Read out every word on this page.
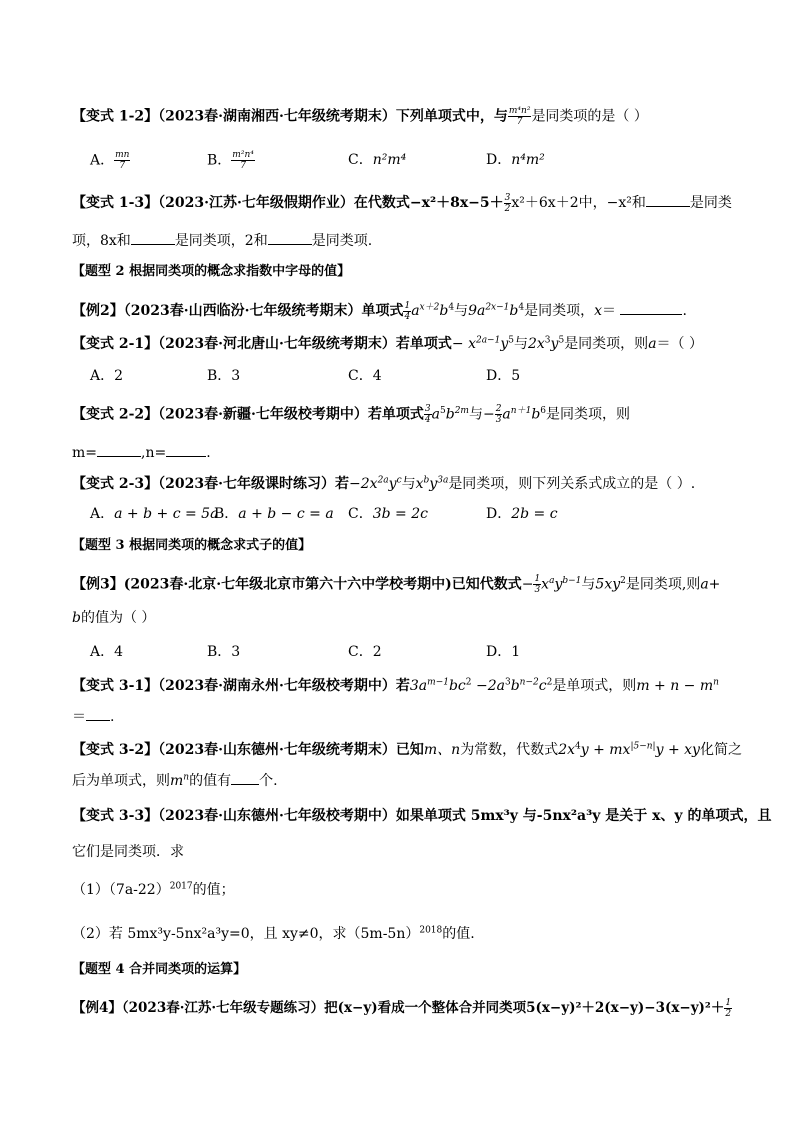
【变式 1-2】（2023春·湖南湘西·七年级统考期末）下列单项式中，与 $\frac{\text{m⁴n²}}{7}$ 是同类项的是（ ）
A． $\frac{mn}{7}$	B． $\frac{\text{m²n⁴}}{7}$	C．n²m⁴	D．n⁴m²
【变式 1-3】（2023·江苏·七年级假期作业）在代数式$-x^2+8x-5+ \frac{3}{2} x^2+6x+2$中，−x²和	是同类
项，8x和	是同类项，2和	是同类项.
【题型 2 根据同类项的概念求指数中字母的值】
【例2】（2023春·山西临汾·七年级统考期末）单项式 $\frac{1}{4} a^{x+2}b^4$与$9a^{2x-1}b^4$是同类项，x＝	.
【变式 2-1】（2023春·河北唐山·七年级统考期末）若单项式− $x^{2a-1}y^5$与$2x^3y^5$是同类项，则a＝（ ）
A．2	B．3	C．4	D．5
【变式 2-2】（2023春·新疆·七年级校考期中）若单项式 $\frac{3}{4} a^5b^{2m}$与− $\frac{2}{3} a^{n+1}b^6$是同类项，则
m=	,n=	.
【变式 2-3】（2023春·七年级课时练习）若$-2x^{2a}y^c$与$x^by^{3a}$是同类项，则下列关系式成立的是（ ）.
A．a + b + c = 5a
B．a + b − c = a C．3b = 2c	D．2b = c
【题型 3 根据同类项的概念求式子的值】
【例3】(2023春·北京·七年级北京市第六十六中学校考期中)已知代数式− $\frac{1}{3} x^ay^{b-1}$与$5xy^2$是同类项,则a+
b的值为（ ）
A．4	B．3	C．2	D．1
【变式 3-1】（2023春·湖南永州·七年级校考期中）若$3a^{m-1}bc^2 -2a^3b^{n-2}c^2$是单项式，则$m + n - m^n$
＝ .
【变式 3-2】（2023春·山东德州·七年级统考期末）已知m、n为常数，代数式$2x^4y + mx^{|5-n|}y$ + xy化简之
后为单项式，则$m^n$的值有 个.
【变式 3-3】（2023春·山东德州·七年级校考期中）如果单项式 5mx³y 与-5nx²a³y 是关于 x、y 的单项式，且
它们是同类项．求
$(1)(7a-22)^{2017}$的值；
（2）若 5mx³y-5nx²a³y=0，且 xy≠0，求$(5m-5n)^{2018}$的值.
【题型 4 合并同类项的运算】
【例4】（2023春·江苏·七年级专题练习）把(x−y)看成一个整体合并同类项$5(x-y)^2+2(x-y)-3(x-y)^2+ \frac{1}{2}$
